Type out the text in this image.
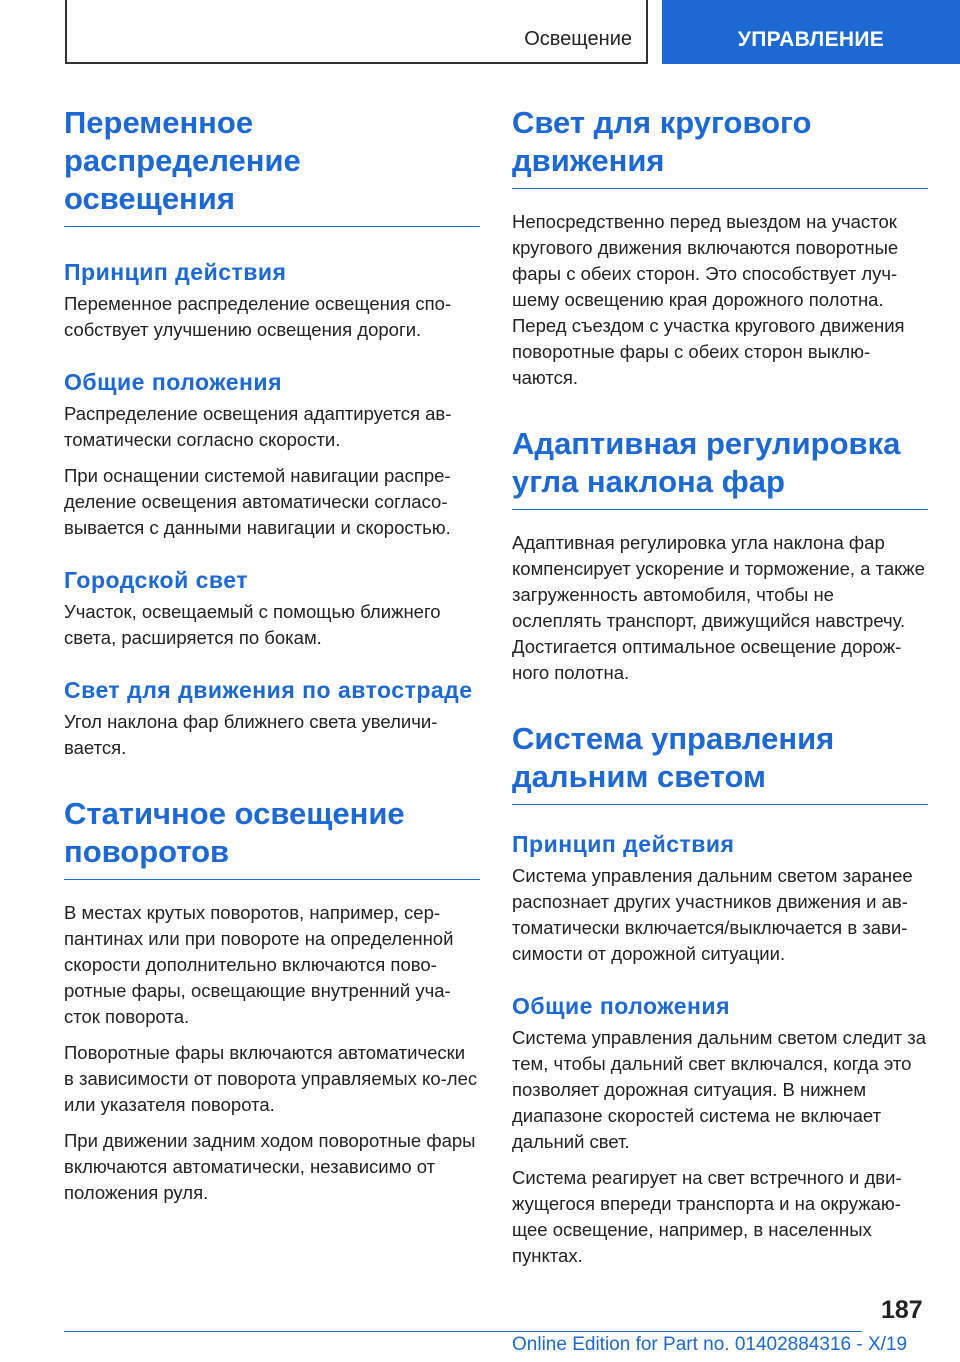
Освещение	УПРАВЛЕНИЕ
Переменное распределение освещения
Принцип действия

Переменное распределение освещения спо-собствует улучшению освещения дороги.

Общие положения

Распределение освещения адаптируется ав-томатически согласно скорости.

При оснащении системой навигации распре-деление освещения автоматически согласо-вывается с данными навигации и скоростью.

Городской свет

Участок, освещаемый с помощью ближнего света, расширяется по бокам.

Свет для движения по автостраде

Угол наклона фар ближнего света увеличи-вается.

Статичное освещение поворотов

В местах крутых поворотов, например, сер-пантинах или при повороте на определенной скорости дополнительно включаются пово-ротные фары, освещающие внутренний уча-сток поворота.

Поворотные фары включаются автоматически в зависимости от поворота управляемых ко-лес или указателя поворота.

При движении задним ходом поворотные фары включаются автоматически, независимо от положения руля.

Свет для кругового движения

Непосредственно перед выездом на участок кругового движения включаются поворотные фары с обеих сторон. Это способствует луч-шему освещению края дорожного полотна. Перед съездом с участка кругового движения поворотные фары с обеих сторон выклю-чаются.

Адаптивная регулировка угла наклона фар

Адаптивная регулировка угла наклона фар компенсирует ускорение и торможение, а также загруженность автомобиля, чтобы не ослеплять транспорт, движущийся навстречу. Достигается оптимальное освещение дорож-ного полотна.

Система управления дальним светом
Принцип действия

Система управления дальним светом заранее распознает других участников движения и ав-томатически включается/выключается в зави-симости от дорожной ситуации.

Общие положения

Система управления дальним светом следит за тем, чтобы дальний свет включался, когда это позволяет дорожная ситуация. В нижнем диапазоне скоростей система не включает дальний свет.

Система реагирует на свет встречного и дви-жущегося впереди транспорта и на окружаю-щее освещение, например, в населенных пунктах.

187
Online Edition for Part no. 01402884316 - X/19
